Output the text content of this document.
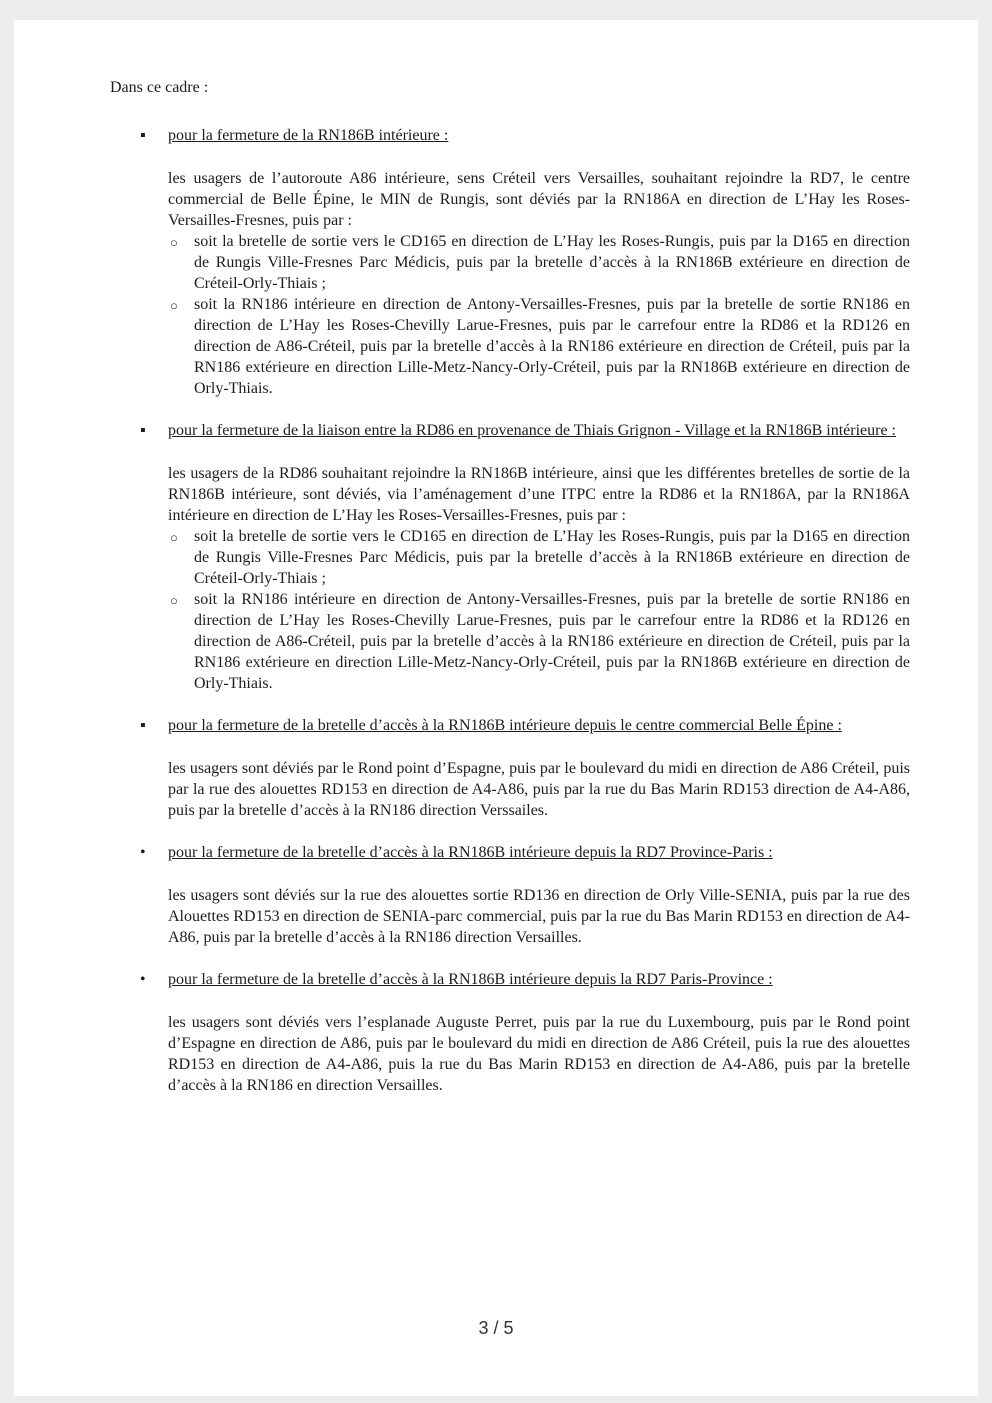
Dans ce cadre :

▪ pour la fermeture de la RN186B intérieure :

les usagers de l’autoroute A86 intérieure, sens Créteil vers Versailles, souhaitant rejoindre la RD7, le centre commercial de Belle Épine, le MIN de Rungis, sont déviés par la RN186A en direction de L’Hay les Roses-Versailles-Fresnes, puis par :

○ soit la bretelle de sortie vers le CD165 en direction de L’Hay les Roses-Rungis, puis par la D165 en direction de Rungis Ville-Fresnes Parc Médicis, puis par la bretelle d’accès à la RN186B extérieure en direction de Créteil-Orly-Thiais ;
○ soit la RN186 intérieure en direction de Antony-Versailles-Fresnes, puis par la bretelle de sortie RN186 en direction de L’Hay les Roses-Chevilly Larue-Fresnes, puis par le carrefour entre la RD86 et la RD126 en direction de A86-Créteil, puis par la bretelle d’accès à la RN186 extérieure en direction de Créteil, puis par la RN186 extérieure en direction Lille-Metz-Nancy-Orly-Créteil, puis par la RN186B extérieure en direction de Orly-Thiais.
▪ pour la fermeture de la liaison entre la RD86 en provenance de Thiais Grignon - Village et la RN186B intérieure :

les usagers de la RD86 souhaitant rejoindre la RN186B intérieure, ainsi que les différentes bretelles de sortie de la RN186B intérieure, sont déviés, via l’aménagement d’une ITPC entre la RD86 et la RN186A, par la RN186A intérieure en direction de L’Hay les Roses-Versailles-Fresnes, puis par :

○ soit la bretelle de sortie vers le CD165 en direction de L’Hay les Roses-Rungis, puis par la D165 en direction de Rungis Ville-Fresnes Parc Médicis, puis par la bretelle d’accès à la RN186B extérieure en direction de Créteil-Orly-Thiais ;
○ soit la RN186 intérieure en direction de Antony-Versailles-Fresnes, puis par la bretelle de sortie RN186 en direction de L’Hay les Roses-Chevilly Larue-Fresnes, puis par le carrefour entre la RD86 et la RD126 en direction de A86-Créteil, puis par la bretelle d’accès à la RN186 extérieure en direction de Créteil, puis par la RN186 extérieure en direction Lille-Metz-Nancy-Orly-Créteil, puis par la RN186B extérieure en direction de Orly-Thiais.
▪ pour la fermeture de la bretelle d’accès à la RN186B intérieure depuis le centre commercial Belle Épine :

les usagers sont déviés par le Rond point d’Espagne, puis par le boulevard du midi en direction de A86 Créteil, puis par la rue des alouettes RD153 en direction de A4-A86, puis par la rue du Bas Marin RD153 direction de A4-A86, puis par la bretelle d’accès à la RN186 direction Verssailes.

• pour la fermeture de la bretelle d’accès à la RN186B intérieure depuis la RD7 Province-Paris :

les usagers sont déviés sur la rue des alouettes sortie RD136 en direction de Orly Ville-SENIA, puis par la rue des Alouettes RD153 en direction de SENIA-parc commercial, puis par la rue du Bas Marin RD153 en direction de A4-A86, puis par la bretelle d’accès à la RN186 direction Versailles.

• pour la fermeture de la bretelle d’accès à la RN186B intérieure depuis la RD7 Paris-Province :

les usagers sont déviés vers l’esplanade Auguste Perret, puis par la rue du Luxembourg, puis par le Rond point d’Espagne en direction de A86, puis par le boulevard du midi en direction de A86 Créteil, puis la rue des alouettes RD153 en direction de A4-A86, puis la rue du Bas Marin RD153 en direction de A4-A86, puis par la bretelle d’accès à la RN186 en direction Versailles.

3 / 5
